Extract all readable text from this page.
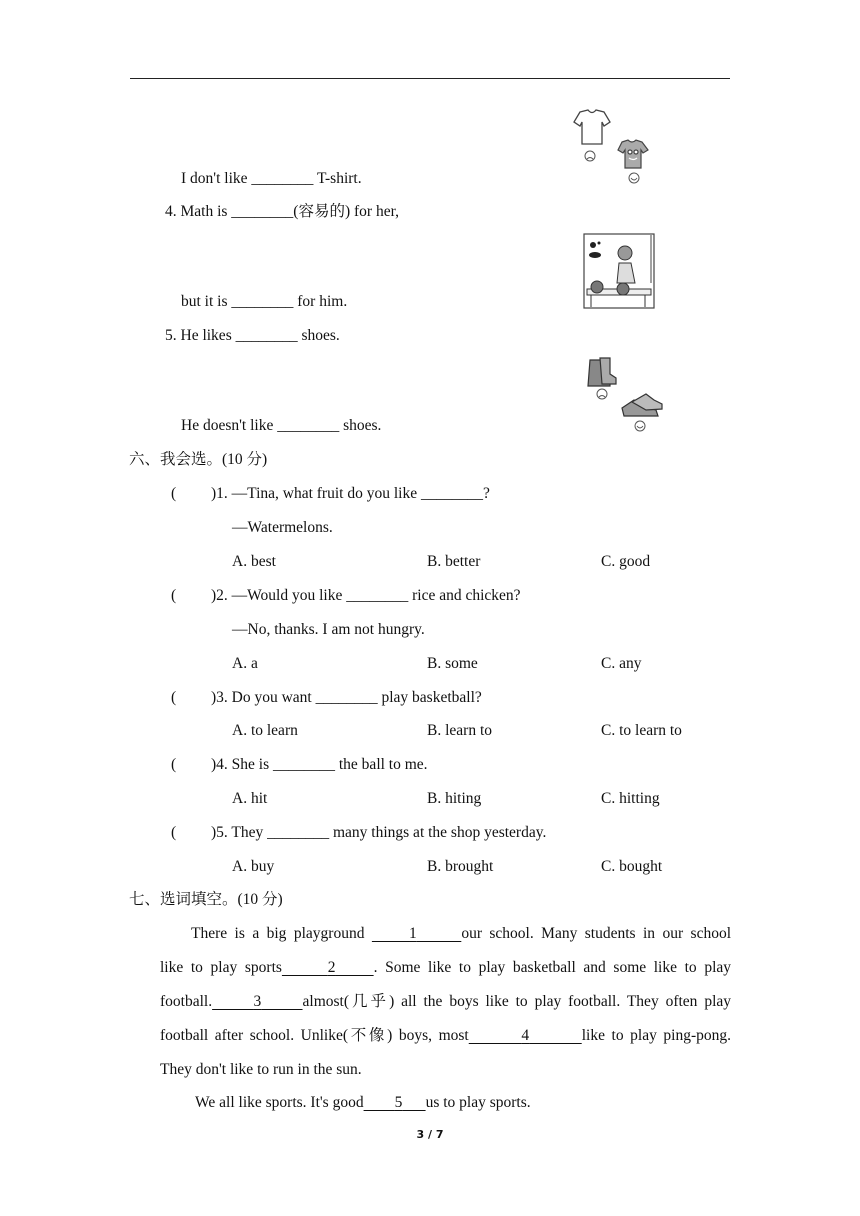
I don't like ________ T-shirt.
4. Math is ________(容易的) for her,
but it is ________ for him.
5. He likes ________ shoes.
He doesn't like ________ shoes.
六、我会选。(10 分)
( )1. —Tina, what fruit do you like ________?
—Watermelons.
A. best	B. better	C. good
( )2. —Would you like ________ rice and chicken?
—No, thanks. I am not hungry.
A. a	B. some	C. any
( )3. Do you want ________ play basketball?
A. to learn	B. learn to	C. to learn to
( )4. She is ________ the ball to me.
A. hit	B. hiting	C. hitting
( )5. They ________ many things at the shop yesterday.
A. buy	B. brought	C. bought
七、选词填空。(10 分)
  There is a big playground      1	our school. Many students in our school
like to play sports	2 . Some like to play basketball and some like to play
football.	3	almost(几乎) all the boys like to play football. They often play
football after school. Unlike(不像) boys, most	4	like to play ping-pong.
They don't like to run in the sun.
We all like sports. It's good 5 us to play sports.
3 / 7
